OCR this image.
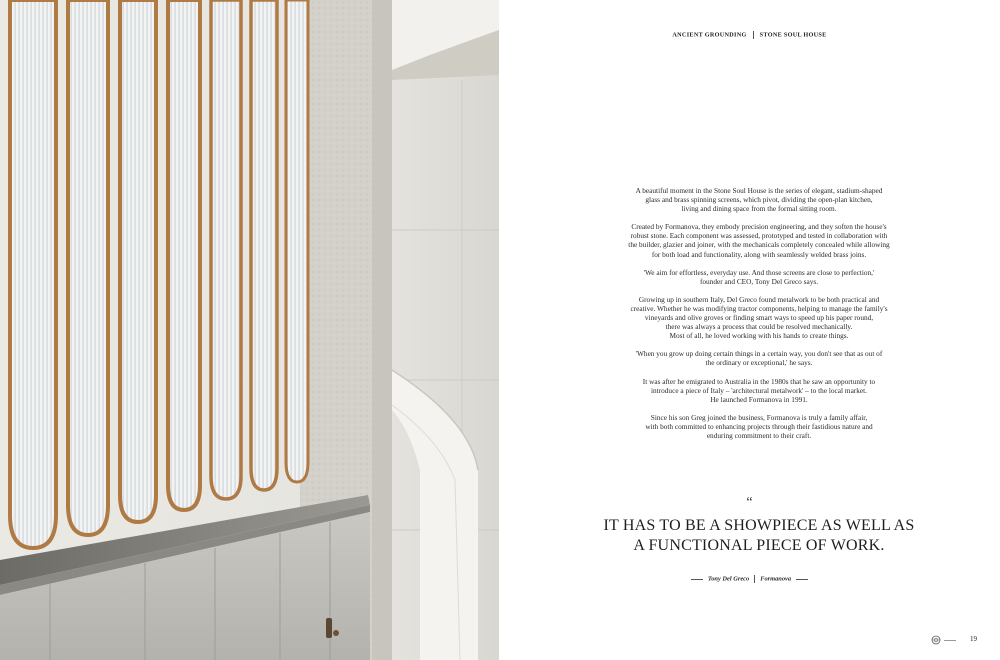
ANCIENT GROUNDING STONE SOUL HOUSE

A beautiful moment in the Stone Soul House is the series of elegant, stadium-shaped
glass and brass spinning screens, which pivot, dividing the open-plan kitchen,
living and dining space from the formal sitting room.

Created by Formanova, they embody precision engineering, and they soften the house's
robust stone. Each component was assessed, prototyped and tested in collaboration with
the builder, glazier and joiner, with the mechanicals completely concealed while allowing
for both load and functionality, along with seamlessly welded brass joins.

'We aim for effortless, everyday use. And those screens are close to perfection,'
founder and CEO, Tony Del Greco says.

Growing up in southern Italy, Del Greco found metalwork to be both practical and
creative. Whether he was modifying tractor components, helping to manage the family's
vineyards and olive groves or finding smart ways to speed up his paper round,
there was always a process that could be resolved mechanically.
Most of all, he loved working with his hands to create things.

'When you grow up doing certain things in a certain way, you don't see that as out of
the ordinary or exceptional,' he says.

It was after he emigrated to Australia in the 1980s that he saw an opportunity to
introduce a piece of Italy – 'architectural metalwork' – to the local market.
He launched Formanova in 1991.

Since his son Greg joined the business, Formanova is truly a family affair,
with both committed to enhancing projects through their fastidious nature and
enduring commitment to their craft.

“
IT HAS TO BE A SHOWPIECE AS WELL AS
A FUNCTIONAL PIECE OF WORK.
Tony Del Greco Formanova
19
